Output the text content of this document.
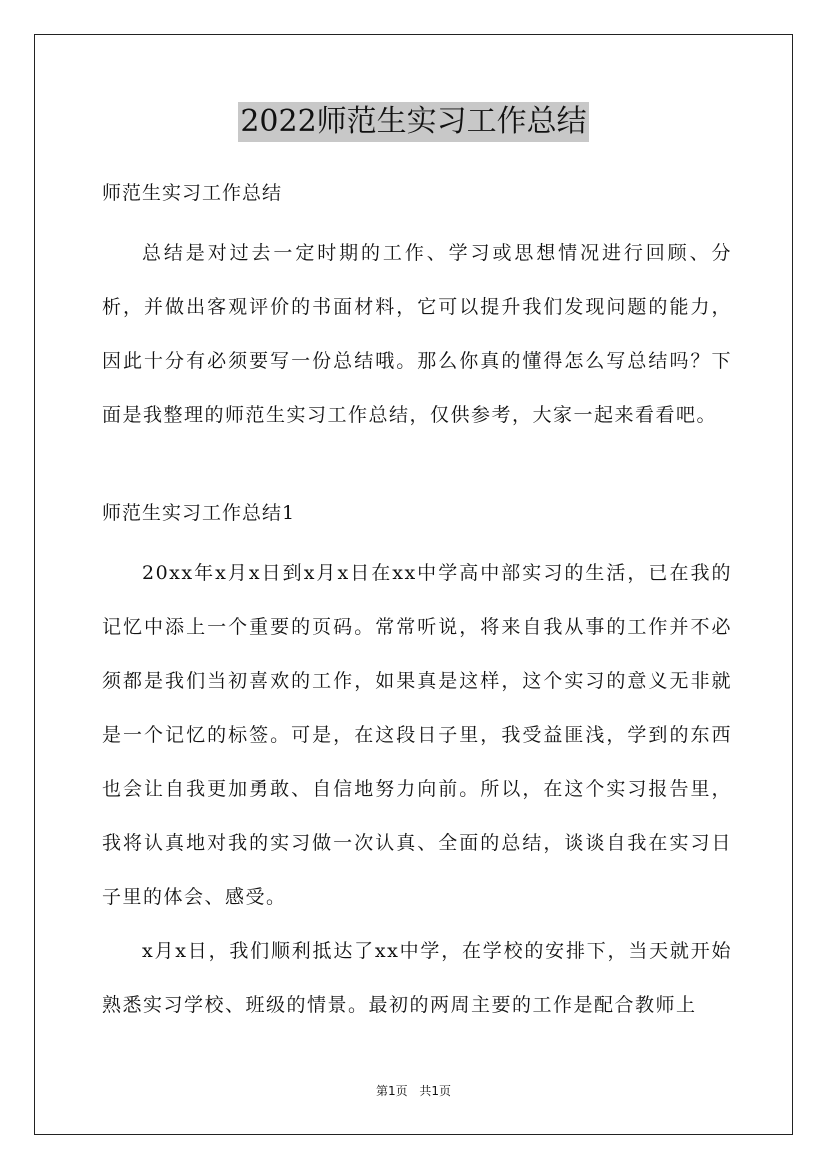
2022师范生实习工作总结

师范生实习工作总结

总结是对过去一定时期的工作、学习或思想情况进行回顾、分析，并做出客观评价的书面材料，它可以提升我们发现问题的能力，因此十分有必须要写一份总结哦。那么你真的懂得怎么写总结吗？下面是我整理的师范生实习工作总结，仅供参考，大家一起来看看吧。

师范生实习工作总结1

20xx年x月x日到x月x日在xx中学高中部实习的生活，已在我的记忆中添上一个重要的页码。常常听说，将来自我从事的工作并不必须都是我们当初喜欢的工作，如果真是这样，这个实习的意义无非就是一个记忆的标签。可是，在这段日子里，我受益匪浅，学到的东西也会让自我更加勇敢、自信地努力向前。所以，在这个实习报告里，我将认真地对我的实习做一次认真、全面的总结，谈谈自我在实习日子里的体会、感受。

x月x日，我们顺利抵达了xx中学，在学校的安排下，当天就开始熟悉实习学校、班级的情景。最初的两周主要的工作是配合教师上

第1页 共1页
